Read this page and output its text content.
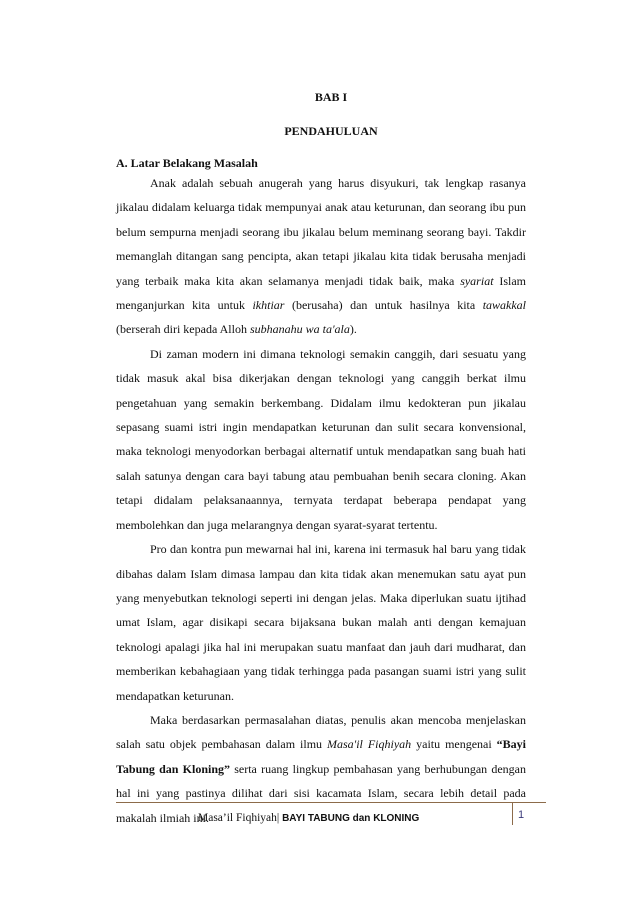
BAB I
PENDAHULUAN
A. Latar Belakang Masalah

Anak adalah sebuah anugerah yang harus disyukuri, tak lengkap rasanya jikalau didalam keluarga tidak mempunyai anak atau keturunan, dan seorang ibu pun belum sempurna menjadi seorang ibu jikalau belum meminang seorang bayi. Takdir memanglah ditangan sang pencipta, akan tetapi jikalau kita tidak berusaha menjadi yang terbaik maka kita akan selamanya menjadi tidak baik, maka syariat Islam menganjurkan kita untuk ikhtiar (berusaha) dan untuk hasilnya kita tawakkal (berserah diri kepada Alloh subhanahu wa ta'ala).

Di zaman modern ini dimana teknologi semakin canggih, dari sesuatu yang tidak masuk akal bisa dikerjakan dengan teknologi yang canggih berkat ilmu pengetahuan yang semakin berkembang. Didalam ilmu kedokteran pun jikalau sepasang suami istri ingin mendapatkan keturunan dan sulit secara konvensional, maka teknologi menyodorkan berbagai alternatif untuk mendapatkan sang buah hati salah satunya dengan cara bayi tabung atau pembuahan benih secara cloning. Akan tetapi didalam pelaksanaannya, ternyata terdapat beberapa pendapat yang membolehkan dan juga melarangnya dengan syarat-syarat tertentu.

Pro dan kontra pun mewarnai hal ini, karena ini termasuk hal baru yang tidak dibahas dalam Islam dimasa lampau dan kita tidak akan menemukan satu ayat pun yang menyebutkan teknologi seperti ini dengan jelas. Maka diperlukan suatu ijtihad umat Islam, agar disikapi secara bijaksana bukan malah anti dengan kemajuan teknologi apalagi jika hal ini merupakan suatu manfaat dan jauh dari mudharat, dan memberikan kebahagiaan yang tidak terhingga pada pasangan suami istri yang sulit mendapatkan keturunan.

Maka berdasarkan permasalahan diatas, penulis akan mencoba menjelaskan salah satu objek pembahasan dalam ilmu Masa'il Fiqhiyah yaitu mengenai “Bayi Tabung dan Kloning” serta ruang lingkup pembahasan yang berhubungan dengan hal ini yang pastinya dilihat dari sisi kacamata Islam, secara lebih detail pada makalah ilmiah ini.

Masa’il Fiqhiyah| BAYI TABUNG dan KLONING	1
